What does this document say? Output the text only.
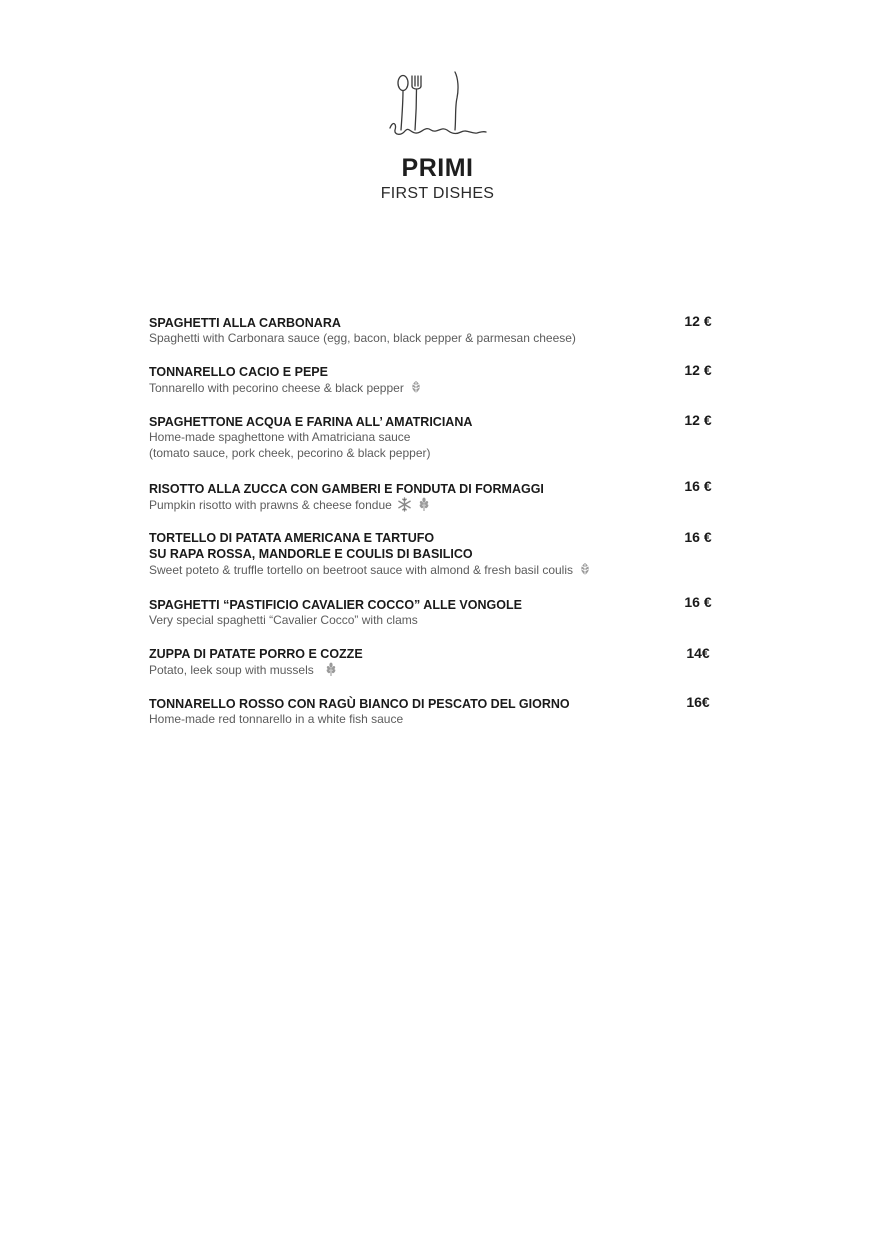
PRIMI
FIRST DISHES
SPAGHETTI ALLA CARBONARA
Spaghetti with Carbonara sauce (egg, bacon, black pepper & parmesan cheese)
12 €
TONNARELLO CACIO E PEPE
Tonnarello with pecorino cheese & black pepper
12 €
SPAGHETTONE ACQUA E FARINA ALL’ AMATRICIANA
Home-made spaghettone with Amatriciana sauce
(tomato sauce, pork cheek, pecorino & black pepper)
12 €
RISOTTO ALLA ZUCCA CON GAMBERI E FONDUTA DI FORMAGGI
Pumpkin risotto with prawns & cheese fondue
16 €
TORTELLO DI PATATA AMERICANA E TARTUFO
SU RAPA ROSSA, MANDORLE E COULIS DI BASILICO
Sweet poteto & truffle tortello on beetroot sauce with almond & fresh basil coulis
16 €
SPAGHETTI “PASTIFICIO CAVALIER COCCO” ALLE VONGOLE
Very special spaghetti “Cavalier Cocco” with clams
16 €
ZUPPA DI PATATE PORRO E COZZE
Potato, leek soup with mussels
14€
TONNARELLO ROSSO CON RAGÙ BIANCO DI PESCATO DEL GIORNO
Home-made red tonnarello in a white fish sauce
16€
